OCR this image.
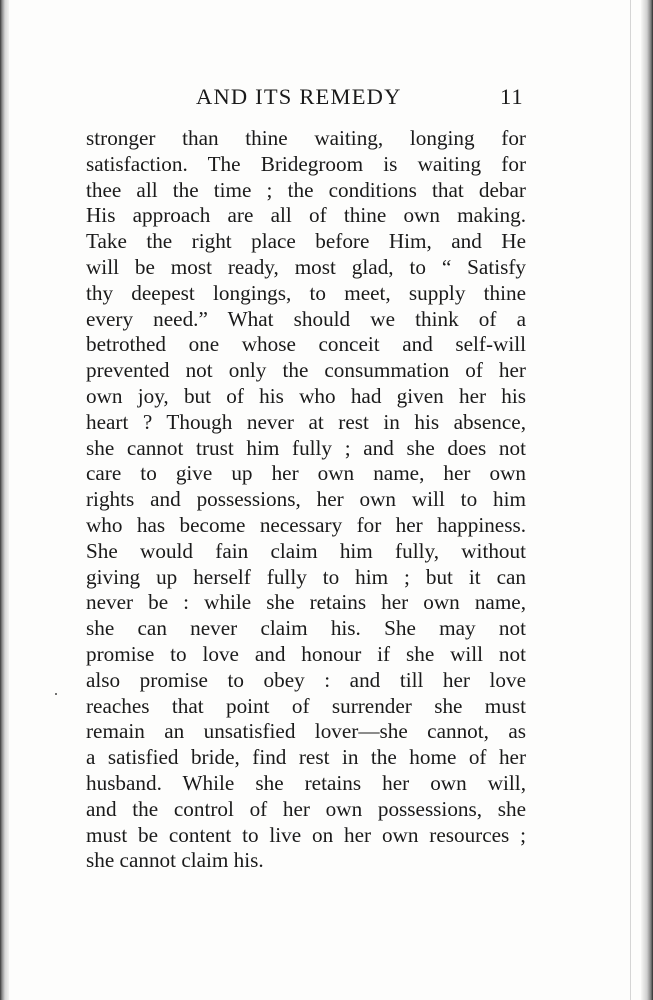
AND ITS REMEDY	11
stronger than thine waiting, longing for
satisfaction. The Bridegroom is waiting for
thee all the time ; the conditions that debar
His approach are all of thine own making.
Take the right place before Him, and He
will be most ready, most glad, to “ Satisfy
thy deepest longings, to meet, supply thine
every need.” What should we think of a
betrothed one whose conceit and self-will
prevented not only the consummation of her
own joy, but of his who had given her his
heart ? Though never at rest in his absence,
she cannot trust him fully ; and she does not
care to give up her own name, her own
rights and possessions, her own will to him
who has become necessary for her happiness.
She would fain claim him fully, without
giving up herself fully to him ; but it can
never be : while she retains her own name,
she can never claim his. She may not
promise to love and honour if she will not
also promise to obey : and till her love
reaches that point of surrender she must
remain an unsatisfied lover—she cannot, as
a satisfied bride, find rest in the home of her
husband. While she retains her own will,
and the control of her own possessions, she
must be content to live on her own resources ;
she cannot claim his.
